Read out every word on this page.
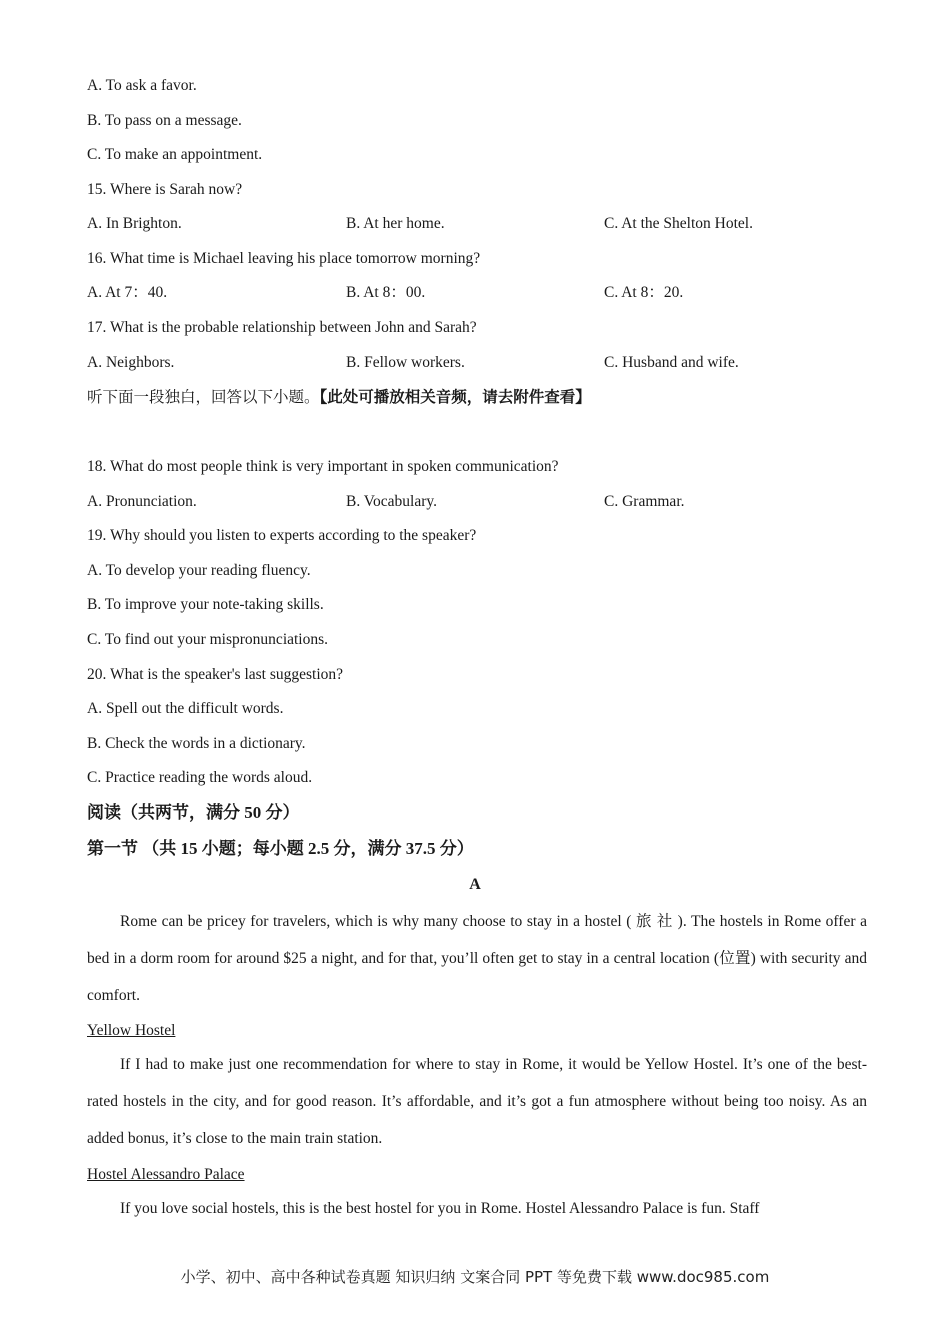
A. To ask a favor.
B. To pass on a message.
C. To make an appointment.
15. Where is Sarah now?
A. In Brighton.	B. At her home.	C. At the Shelton Hotel.
16. What time is Michael leaving his place tomorrow morning?
A. At 7：40.	B. At 8：00.	C. At 8：20.
17. What is the probable relationship between John and Sarah?
A. Neighbors.	B. Fellow workers.	C. Husband and wife.
听下面一段独白，回答以下小题。【此处可播放相关音频，请去附件查看】
18. What do most people think is very important in spoken communication?
A. Pronunciation.	B. Vocabulary.	C. Grammar.
19. Why should you listen to experts according to the speaker?
A. To develop your reading fluency.
B. To improve your note-taking skills.
C. To find out your mispronunciations.
20. What is the speaker's last suggestion?
A. Spell out the difficult words.
B. Check the words in a dictionary.
C. Practice reading the words aloud.
阅读（共两节，满分 50 分）
第一节 （共 15 小题；每小题 2.5 分，满分 37.5 分）
A
Rome can be pricey for travelers, which is why many choose to stay in a hostel ( 旅 社 ). The hostels in Rome offer a bed in a dorm room for around $25 a night, and for that, you’ll often get to stay in a central location (位置) with security and comfort.
Yellow Hostel
If I had to make just one recommendation for where to stay in Rome, it would be Yellow Hostel. It’s one of the best-rated hostels in the city, and for good reason. It’s affordable, and it’s got a fun atmosphere without being too noisy. As an added bonus, it’s close to the main train station.
Hostel Alessandro Palace
If you love social hostels, this is the best hostel for you in Rome. Hostel Alessandro Palace is fun. Staff
小学、初中、高中各种试卷真题 知识归纳 文案合同 PPT 等免费下载 www.doc985.com
